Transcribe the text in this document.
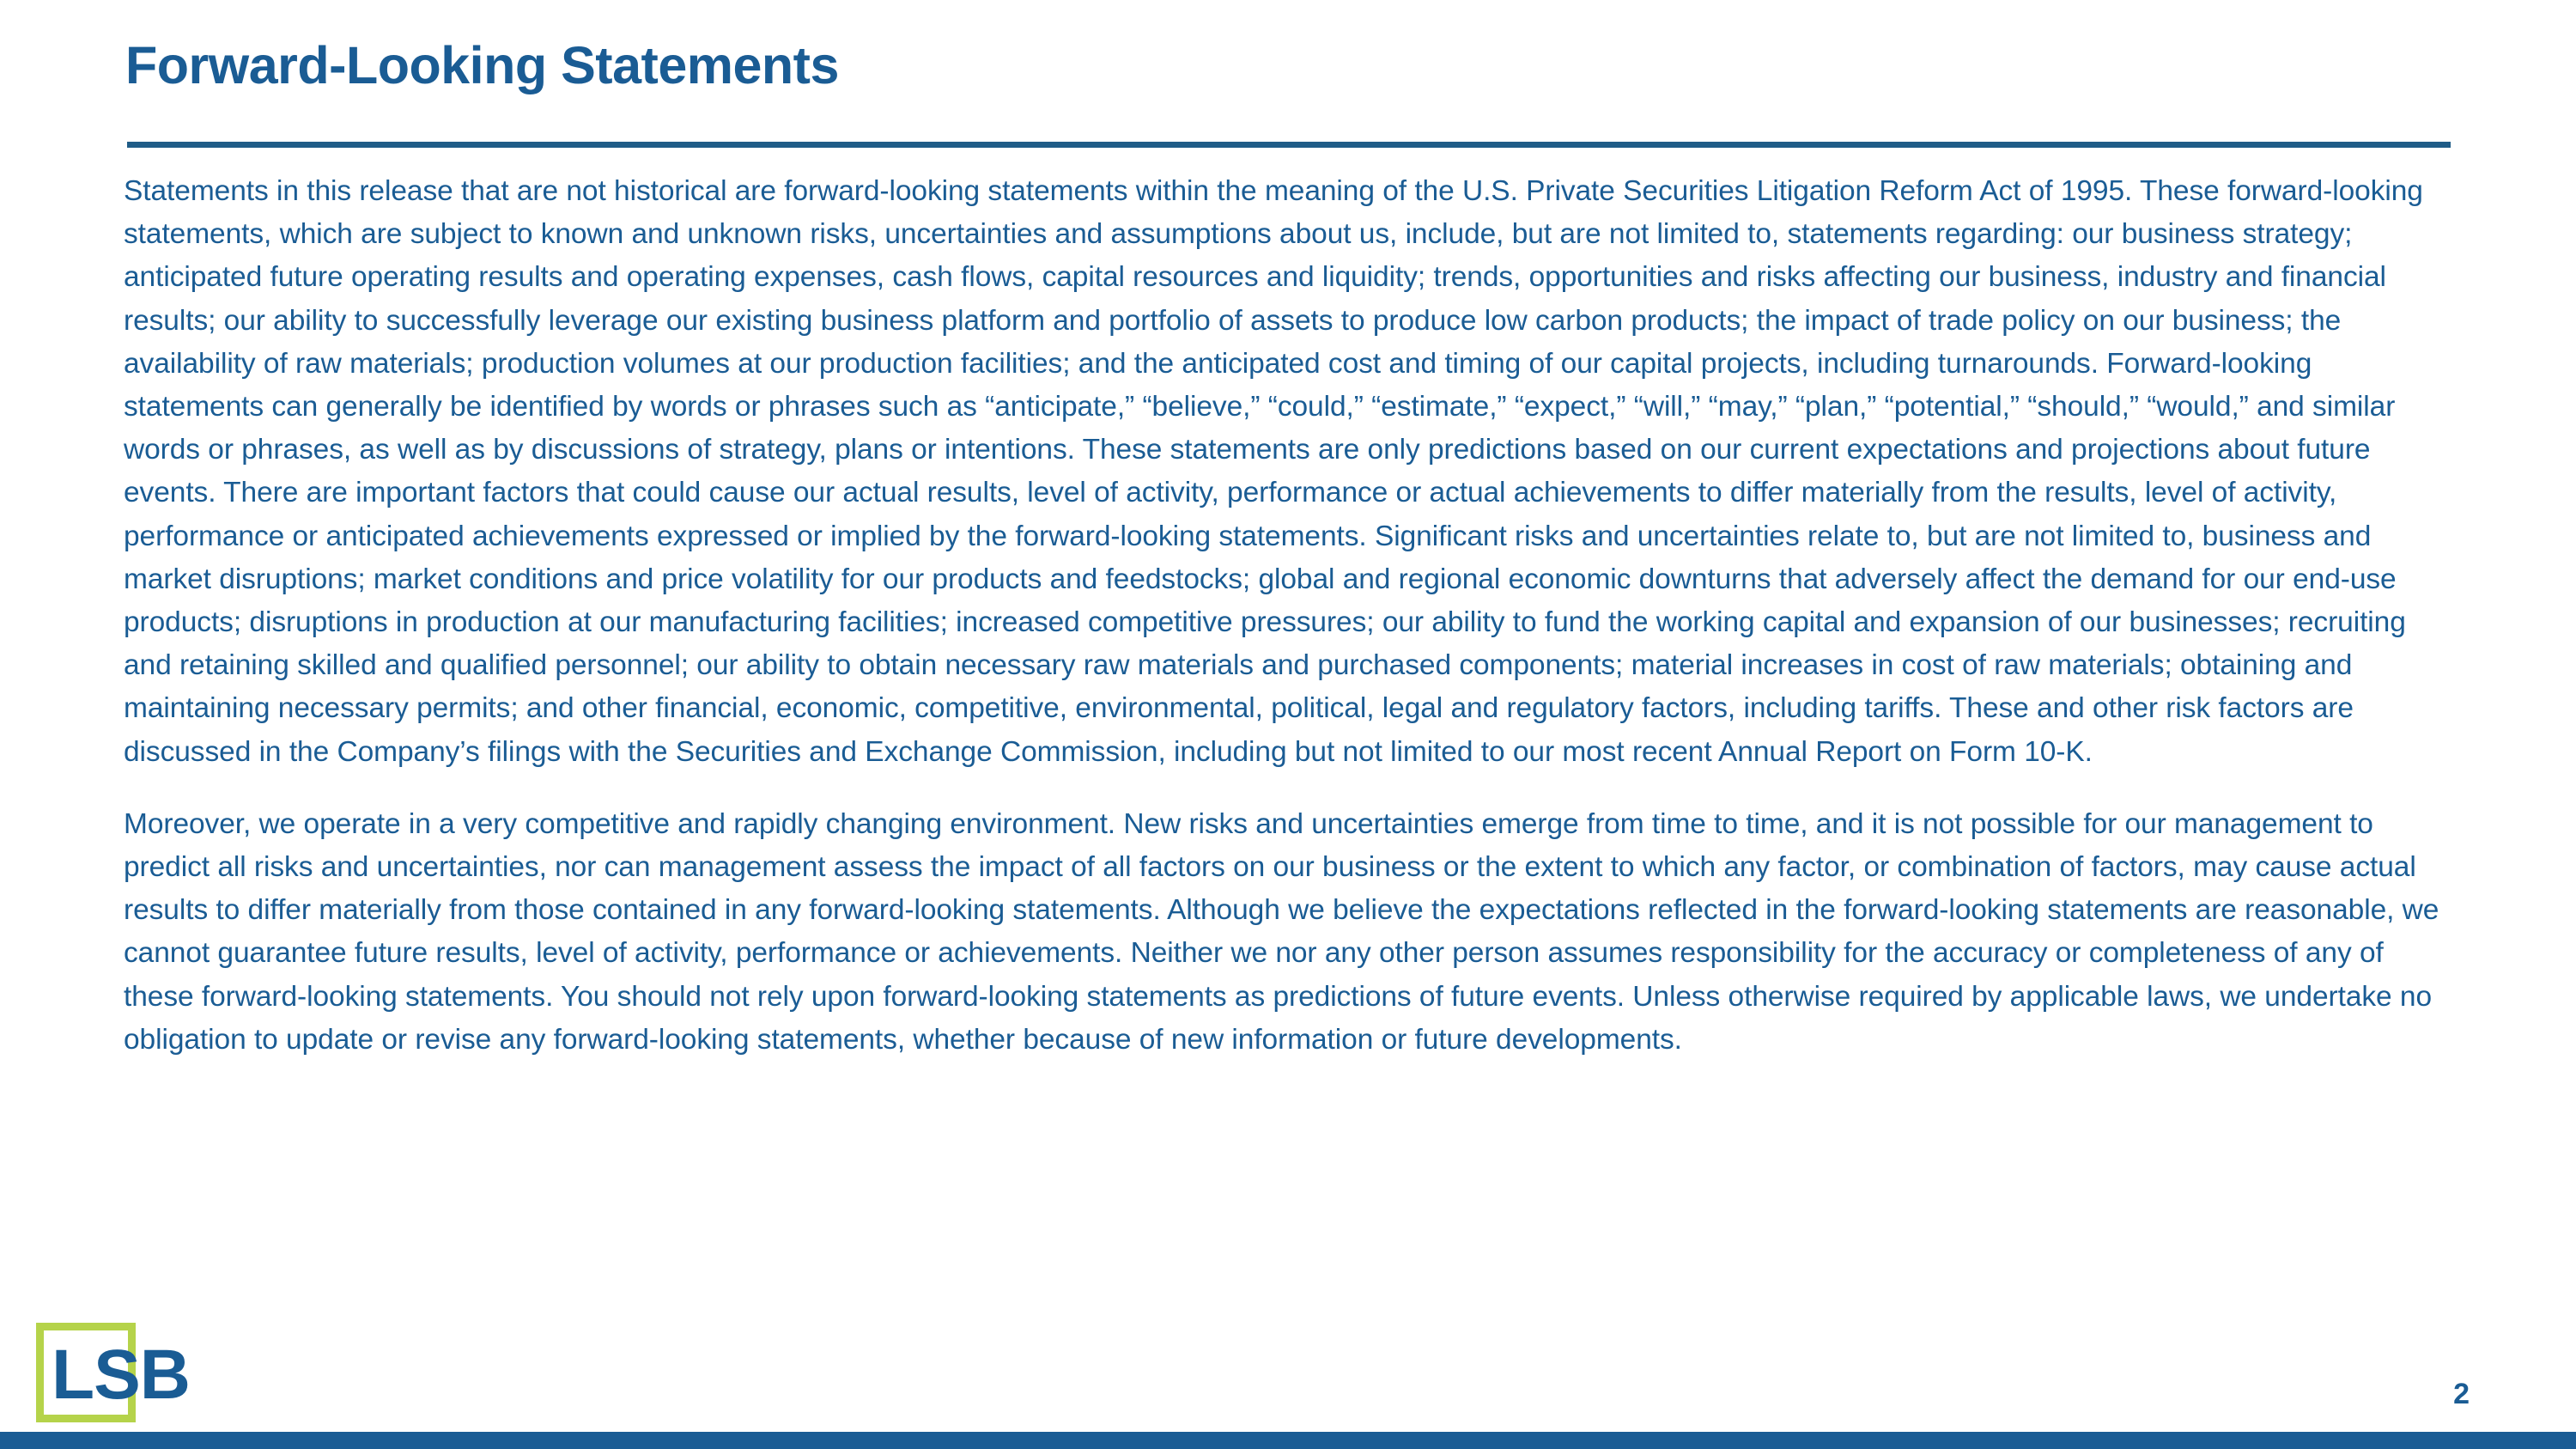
Forward-Looking Statements

Statements in this release that are not historical are forward-looking statements within the meaning of the U.S. Private Securities Litigation Reform Act of 1995. These forward-looking statements, which are subject to known and unknown risks, uncertainties and assumptions about us, include, but are not limited to, statements regarding: our business strategy; anticipated future operating results and operating expenses, cash flows, capital resources and liquidity; trends, opportunities and risks affecting our business, industry and financial results; our ability to successfully leverage our existing business platform and portfolio of assets to produce low carbon products; the impact of trade policy on our business; the availability of raw materials; production volumes at our production facilities; and the anticipated cost and timing of our capital projects, including turnarounds. Forward-looking statements can generally be identified by words or phrases such as “anticipate,” “believe,” “could,” “estimate,” “expect,” “will,” “may,” “plan,” “potential,” “should,” “would,” and similar words or phrases, as well as by discussions of strategy, plans or intentions. These statements are only predictions based on our current expectations and projections about future events. There are important factors that could cause our actual results, level of activity, performance or actual achievements to differ materially from the results, level of activity, performance or anticipated achievements expressed or implied by the forward-looking statements. Significant risks and uncertainties relate to, but are not limited to, business and market disruptions; market conditions and price volatility for our products and feedstocks; global and regional economic downturns that adversely affect the demand for our end-use products; disruptions in production at our manufacturing facilities; increased competitive pressures; our ability to fund the working capital and expansion of our businesses; recruiting and retaining skilled and qualified personnel; our ability to obtain necessary raw materials and purchased components; material increases in cost of raw materials; obtaining and maintaining necessary permits; and other financial, economic, competitive, environmental, political, legal and regulatory factors, including tariffs. These and other risk factors are discussed in the Company’s filings with the Securities and Exchange Commission, including but not limited to our most recent Annual Report on Form 10-K.

Moreover, we operate in a very competitive and rapidly changing environment. New risks and uncertainties emerge from time to time, and it is not possible for our management to predict all risks and uncertainties, nor can management assess the impact of all factors on our business or the extent to which any factor, or combination of factors, may cause actual results to differ materially from those contained in any forward-looking statements. Although we believe the expectations reflected in the forward-looking statements are reasonable, we cannot guarantee future results, level of activity, performance or achievements. Neither we nor any other person assumes responsibility for the accuracy or completeness of any of these forward-looking statements. You should not rely upon forward-looking statements as predictions of future events. Unless otherwise required by applicable laws, we undertake no obligation to update or revise any forward-looking statements, whether because of new information or future developments.

LSB	2
